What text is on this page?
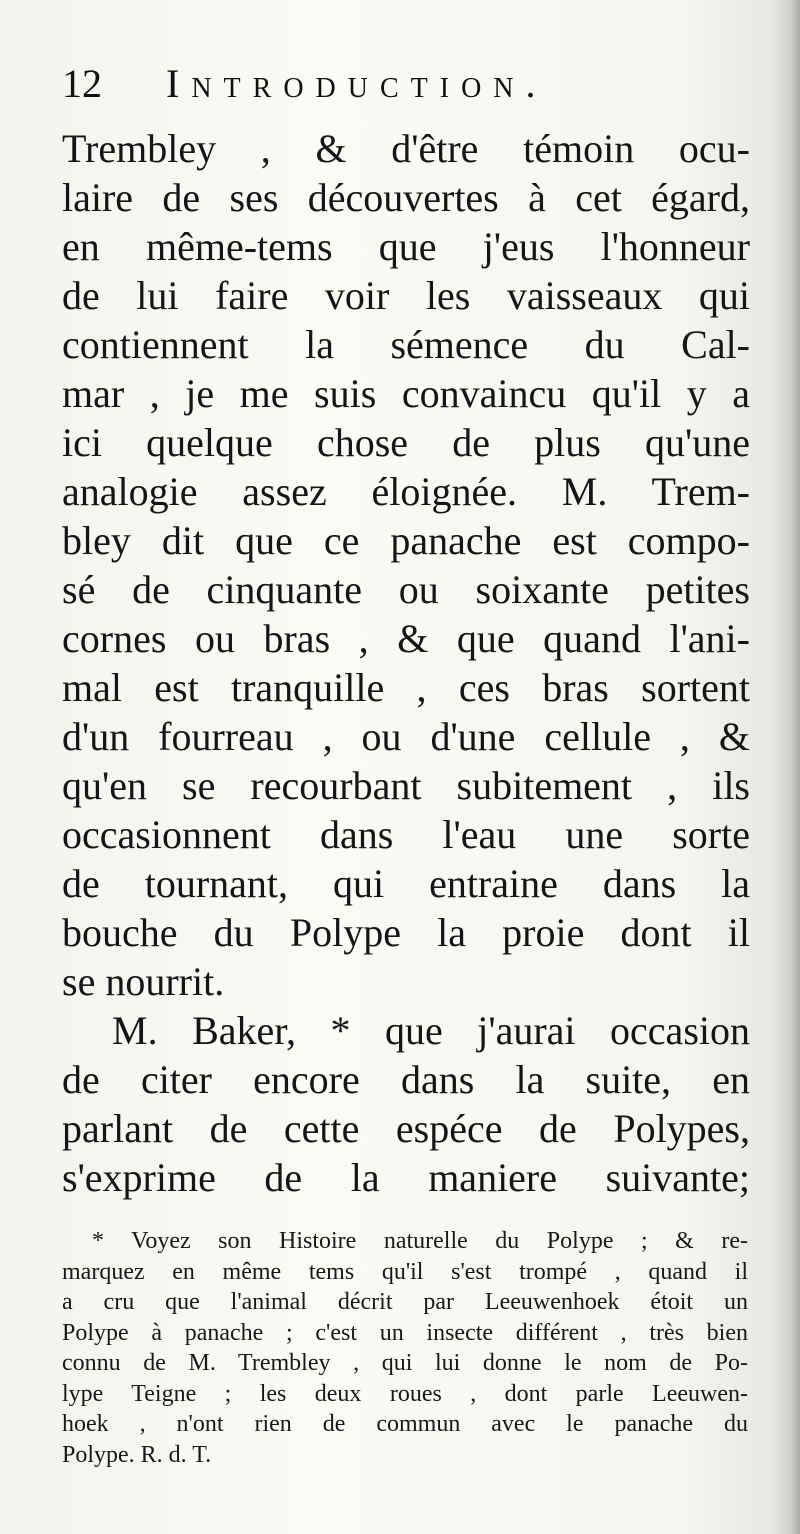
12 Introduction.
Trembley , & d'être témoin ocu-
laire de ses découvertes à cet égard,
en même-tems que j'eus l'honneur
de lui faire voir les vaisseaux qui
contiennent la sémence du Cal-
mar , je me suis convaincu qu'il y a
ici quelque chose de plus qu'une
analogie assez éloignée. M. Trem-
bley dit que ce panache est compo-
sé de cinquante ou soixante petites
cornes ou bras , & que quand l'ani-
mal est tranquille , ces bras sortent
d'un fourreau , ou d'une cellule , &
qu'en se recourbant subitement , ils
occasionnent dans l'eau une sorte
de tournant, qui entraine dans la
bouche du Polype la proie dont il
se nourrit.
M. Baker, * que j'aurai occasion
de citer encore dans la suite, en
parlant de cette espéce de Polypes,
s'exprime de la maniere suivante;
* Voyez son Histoire naturelle du Polype ; & re-
marquez en même tems qu'il s'est trompé , quand il
a cru que l'animal décrit par Leeuwenhoek étoit un
Polype à panache ; c'est un insecte différent , très bien
connu de M. Trembley , qui lui donne le nom de Po-
lype Teigne ; les deux roues , dont parle Leeuwen-
hoek , n'ont rien de commun avec le panache du
Polype. R. d. T.
